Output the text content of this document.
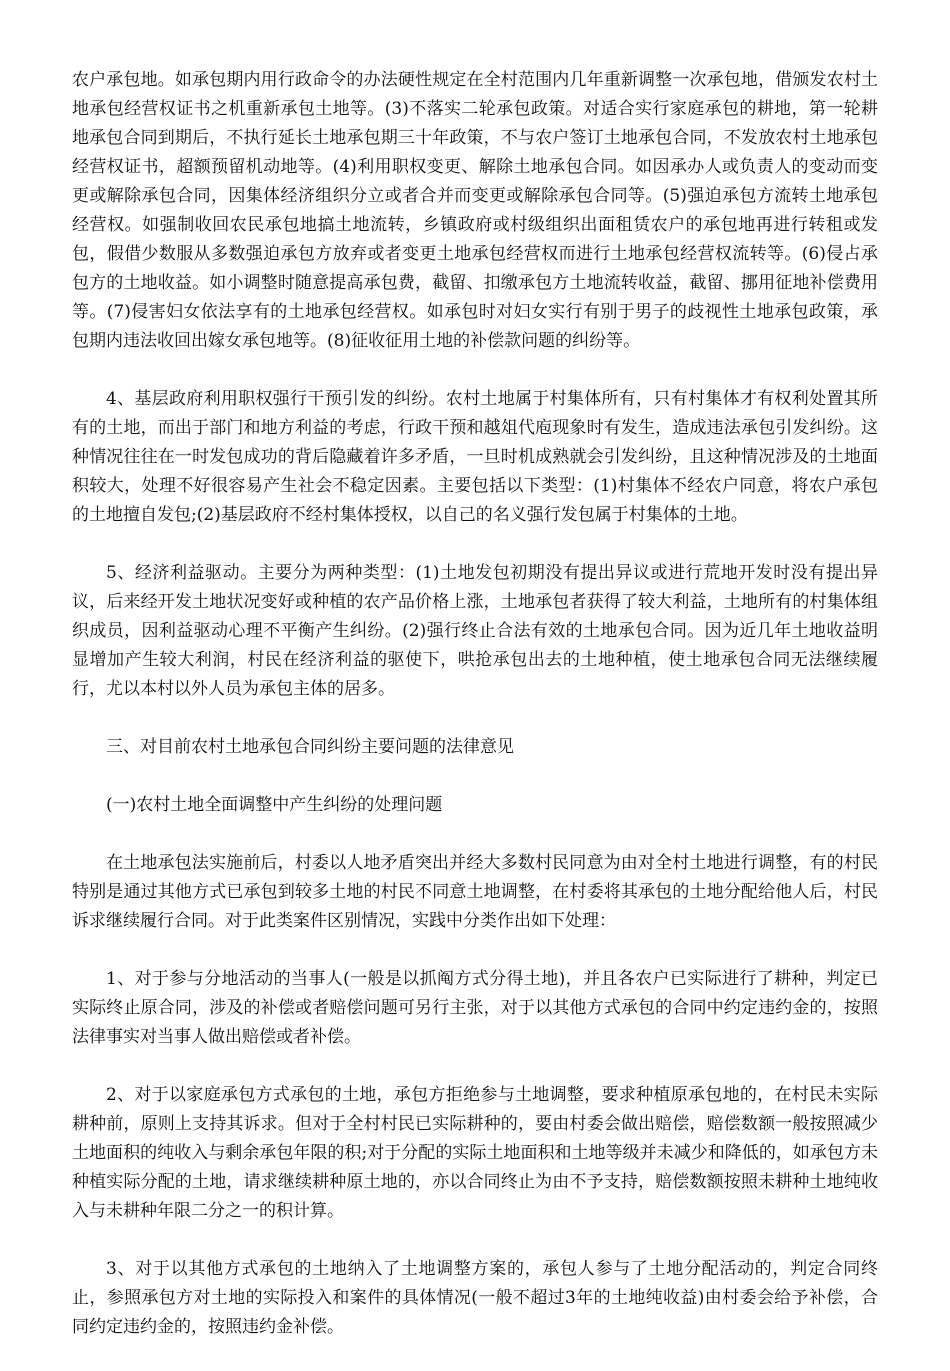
农户承包地。如承包期内用行政命令的办法硬性规定在全村范围内几年重新调整一次承包地，借颁发农村土地承包经营权证书之机重新承包土地等。(3)不落实二轮承包政策。对适合实行家庭承包的耕地，第一轮耕地承包合同到期后，不执行延长土地承包期三十年政策，不与农户签订土地承包合同，不发放农村土地承包经营权证书，超额预留机动地等。(4)利用职权变更、解除土地承包合同。如因承办人或负责人的变动而变更或解除承包合同，因集体经济组织分立或者合并而变更或解除承包合同等。(5)强迫承包方流转土地承包经营权。如强制收回农民承包地搞土地流转，乡镇政府或村级组织出面租赁农户的承包地再进行转租或发包，假借少数服从多数强迫承包方放弃或者变更土地承包经营权而进行土地承包经营权流转等。(6)侵占承包方的土地收益。如小调整时随意提高承包费，截留、扣缴承包方土地流转收益，截留、挪用征地补偿费用等。(7)侵害妇女依法享有的土地承包经营权。如承包时对妇女实行有别于男子的歧视性土地承包政策，承包期内违法收回出嫁女承包地等。(8)征收征用土地的补偿款问题的纠纷等。

4、基层政府利用职权强行干预引发的纠纷。农村土地属于村集体所有，只有村集体才有权利处置其所有的土地，而出于部门和地方利益的考虑，行政干预和越俎代庖现象时有发生，造成违法承包引发纠纷。这种情况往往在一时发包成功的背后隐藏着许多矛盾，一旦时机成熟就会引发纠纷，且这种情况涉及的土地面积较大，处理不好很容易产生社会不稳定因素。主要包括以下类型：(1)村集体不经农户同意，将农户承包的土地擅自发包;(2)基层政府不经村集体授权，以自己的名义强行发包属于村集体的土地。

5、经济利益驱动。主要分为两种类型：(1)土地发包初期没有提出异议或进行荒地开发时没有提出异议，后来经开发土地状况变好或种植的农产品价格上涨，土地承包者获得了较大利益，土地所有的村集体组织成员，因利益驱动心理不平衡产生纠纷。(2)强行终止合法有效的土地承包合同。因为近几年土地收益明显增加产生较大利润，村民在经济利益的驱使下，哄抢承包出去的土地种植，使土地承包合同无法继续履行，尤以本村以外人员为承包主体的居多。

三、对目前农村土地承包合同纠纷主要问题的法律意见

(一)农村土地全面调整中产生纠纷的处理问题

在土地承包法实施前后，村委以人地矛盾突出并经大多数村民同意为由对全村土地进行调整，有的村民特别是通过其他方式已承包到较多土地的村民不同意土地调整，在村委将其承包的土地分配给他人后，村民诉求继续履行合同。对于此类案件区别情况，实践中分类作出如下处理：

1、对于参与分地活动的当事人(一般是以抓阄方式分得土地)，并且各农户已实际进行了耕种，判定已实际终止原合同，涉及的补偿或者赔偿问题可另行主张，对于以其他方式承包的合同中约定违约金的，按照法律事实对当事人做出赔偿或者补偿。

2、对于以家庭承包方式承包的土地，承包方拒绝参与土地调整，要求种植原承包地的，在村民未实际耕种前，原则上支持其诉求。但对于全村村民已实际耕种的，要由村委会做出赔偿，赔偿数额一般按照减少土地面积的纯收入与剩余承包年限的积;对于分配的实际土地面积和土地等级并未减少和降低的，如承包方未种植实际分配的土地，请求继续耕种原土地的，亦以合同终止为由不予支持，赔偿数额按照未耕种土地纯收入与未耕种年限二分之一的积计算。

3、对于以其他方式承包的土地纳入了土地调整方案的，承包人参与了土地分配活动的，判定合同终止，参照承包方对土地的实际投入和案件的具体情况(一般不超过3年的土地纯收益)由村委会给予补偿，合同约定违约金的，按照违约金补偿。
